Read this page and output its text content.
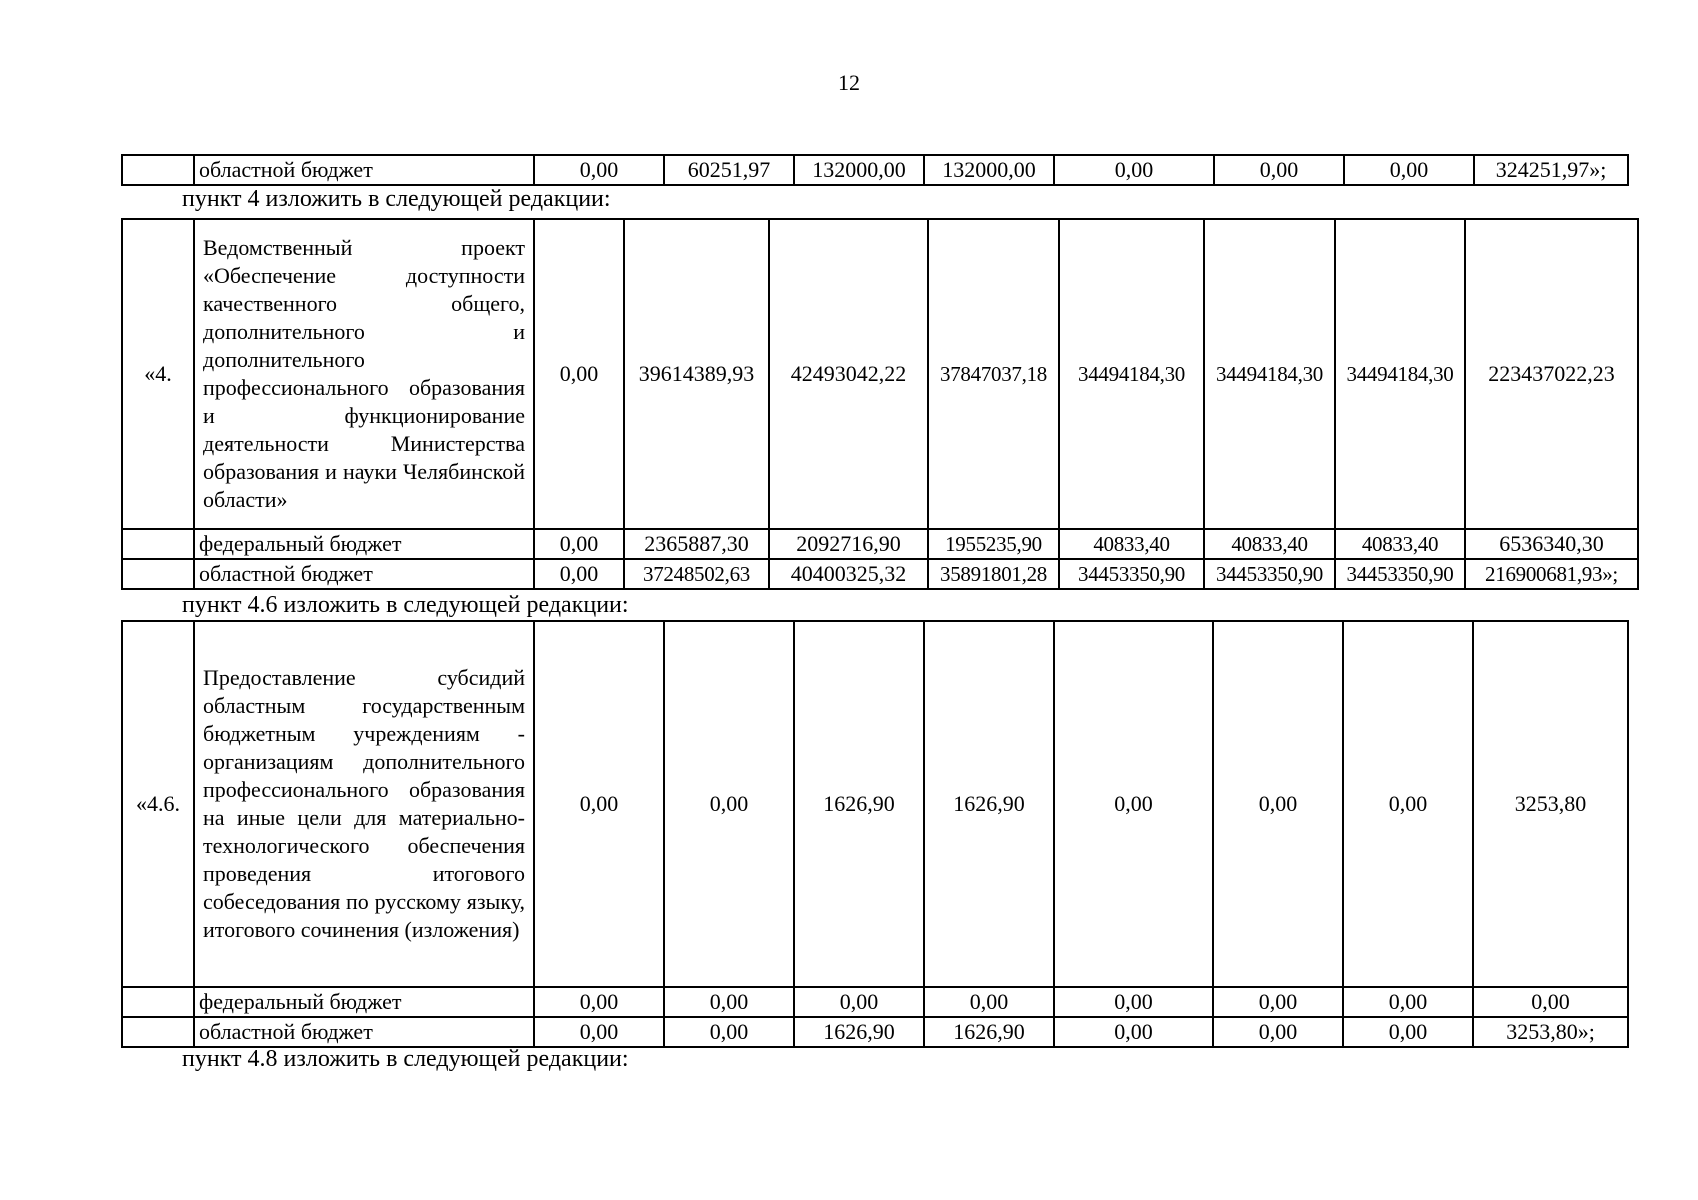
12
	областной бюджет	0,00	60251,97	132000,00	132000,00	0,00	0,00	0,00	324251,97»;
пункт 4 изложить в следующей редакции:
«4.	Ведомственный проект «Обеспечение доступности качественного общего, дополнительного и дополнительного профессионального образования и функционирование деятельности Министерства образования и науки Челябинской области»	0,00	39614389,93	42493042,22	37847037,18	34494184,30	34494184,30	34494184,30	223437022,23
	федеральный бюджет	0,00	2365887,30	2092716,90	1955235,90	40833,40	40833,40	40833,40	6536340,30
	областной бюджет	0,00	37248502,63	40400325,32	35891801,28	34453350,90	34453350,90	34453350,90	216900681,93»;
пункт 4.6 изложить в следующей редакции:
«4.6.	Предоставление субсидий областным государственным бюджетным учреждениям - организациям дополнительного профессионального образования на иные цели для материально-технологического обеспечения проведения итогового собеседования по русскому языку, итогового сочинения (изложения)	0,00	0,00	1626,90	1626,90	0,00	0,00	0,00	3253,80
	федеральный бюджет	0,00	0,00	0,00	0,00	0,00	0,00	0,00	0,00
	областной бюджет	0,00	0,00	1626,90	1626,90	0,00	0,00	0,00	3253,80»;
пункт 4.8 изложить в следующей редакции:
